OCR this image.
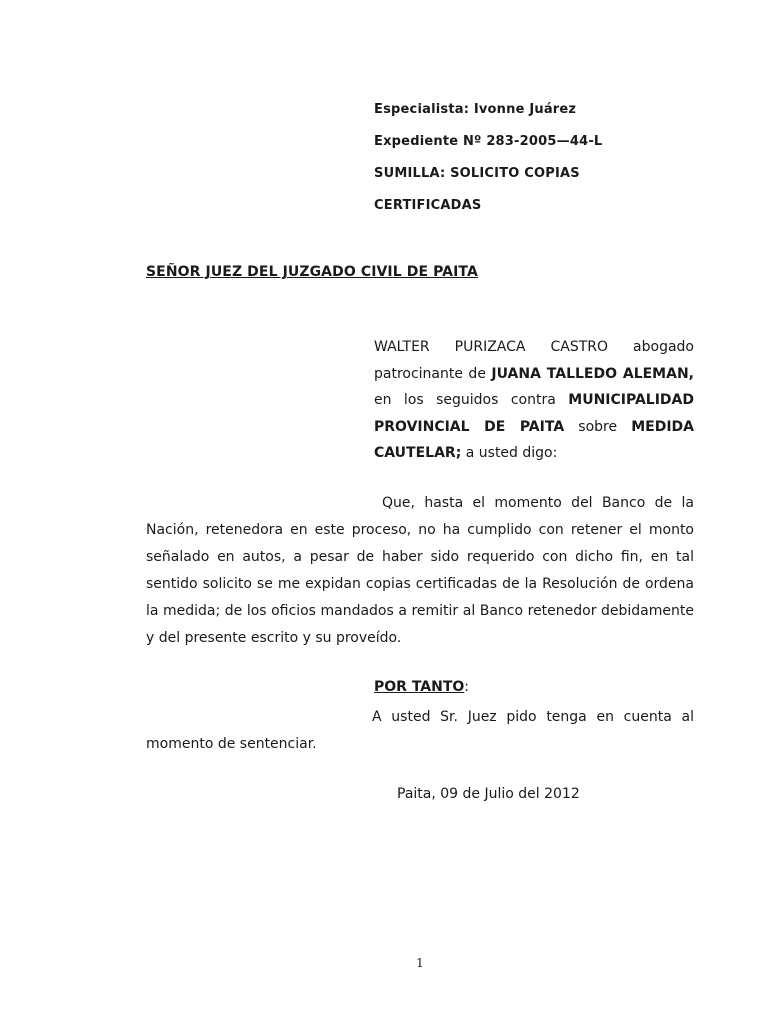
Especialista: Ivonne Juárez
Expediente Nº 283-2005—44-L
SUMILLA: SOLICITO COPIAS
CERTIFICADAS
SEÑOR JUEZ DEL JUZGADO CIVIL DE PAITA
WALTER PURIZACA CASTRO abogado patrocinante de JUANA TALLEDO ALEMAN, en los seguidos contra MUNICIPALIDAD PROVINCIAL DE PAITA sobre MEDIDA CAUTELAR; a usted digo:
Que, hasta el momento del Banco de la Nación, retenedora en este proceso, no ha cumplido con retener el monto señalado en autos, a pesar de haber sido requerido con dicho fin, en tal sentido solicito se me expidan copias certificadas de la Resolución de ordena la medida; de los oficios mandados a remitir al Banco retenedor debidamente y del presente escrito y su proveído.
POR TANTO:
A usted Sr. Juez pido tenga en cuenta al momento de sentenciar.
Paita, 09 de Julio del 2012
1
